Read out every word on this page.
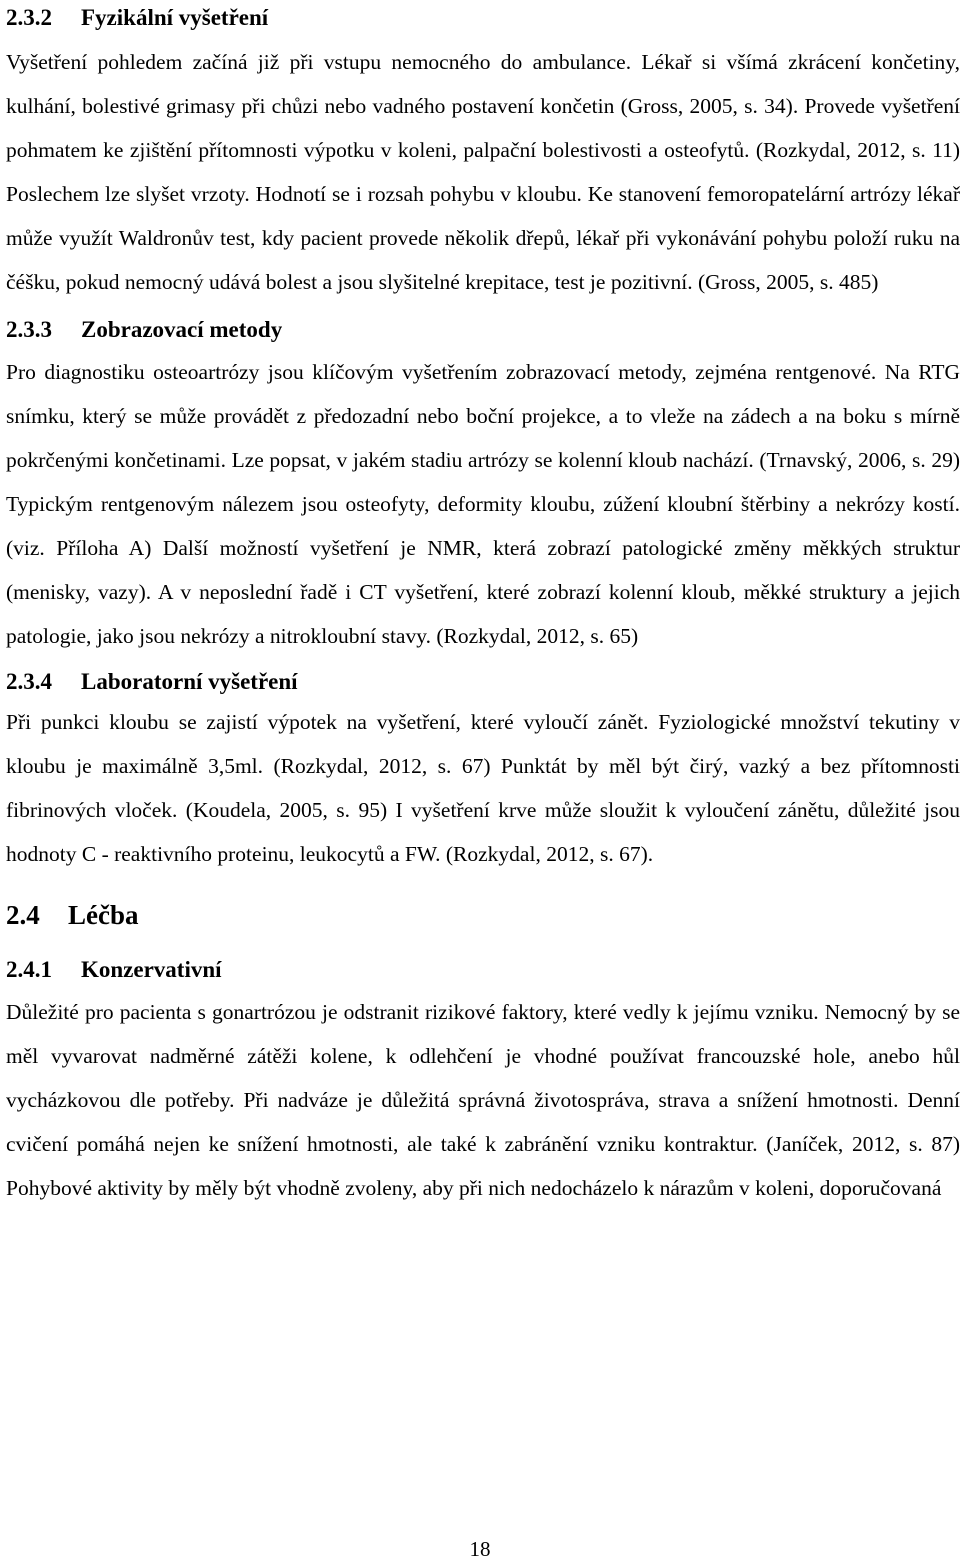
2.3.2 Fyzikální vyšetření

Vyšetření pohledem začíná již při vstupu nemocného do ambulance. Lékař si všímá zkrácení končetiny, kulhání, bolestivé grimasy při chůzi nebo vadného postavení končetin (Gross, 2005, s. 34). Provede vyšetření pohmatem ke zjištění přítomnosti výpotku v koleni, palpační bolestivosti a osteofytů. (Rozkydal, 2012, s. 11) Poslechem lze slyšet vrzoty. Hodnotí se i rozsah pohybu v kloubu. Ke stanovení femoropatelární artrózy lékař může využít Waldronův test, kdy pacient provede několik dřepů, lékař při vykonávání pohybu položí ruku na čéšku, pokud nemocný udává bolest a jsou slyšitelné krepitace, test je pozitivní. (Gross, 2005, s. 485)

2.3.3 Zobrazovací metody

Pro diagnostiku osteoartrózy jsou klíčovým vyšetřením zobrazovací metody, zejména rentgenové. Na RTG snímku, který se může provádět z předozadní nebo boční projekce, a to vleže na zádech a na boku s mírně pokrčenými končetinami. Lze popsat, v jakém stadiu artrózy se kolenní kloub nachází. (Trnavský, 2006, s. 29) Typickým rentgenovým nálezem jsou osteofyty, deformity kloubu, zúžení kloubní štěrbiny a nekrózy kostí. (viz. Příloha A) Další možností vyšetření je NMR, která zobrazí patologické změny měkkých struktur (menisky, vazy). A v neposlední řadě i CT vyšetření, které zobrazí kolenní kloub, měkké struktury a jejich patologie, jako jsou nekrózy a nitrokloubní stavy. (Rozkydal, 2012, s. 65)

2.3.4 Laboratorní vyšetření

Při punkci kloubu se zajistí výpotek na vyšetření, které vyloučí zánět. Fyziologické množství tekutiny v kloubu je maximálně 3,5ml. (Rozkydal, 2012, s. 67) Punktát by měl být čirý, vazký a bez přítomnosti fibrinových vloček. (Koudela, 2005, s. 95) I vyšetření krve může sloužit k vyloučení zánětu, důležité jsou hodnoty C - reaktivního proteinu, leukocytů a FW. (Rozkydal, 2012, s. 67).

2.4 Léčba
2.4.1 Konzervativní

Důležité pro pacienta s gonartrózou je odstranit rizikové faktory, které vedly k jejímu vzniku. Nemocný by se měl vyvarovat nadměrné zátěži kolene, k odlehčení je vhodné používat francouzské hole, anebo hůl vycházkovou dle potřeby. Při nadváze je důležitá správná životospráva, strava a snížení hmotnosti. Denní cvičení pomáhá nejen ke snížení hmotnosti, ale také k zabránění vzniku kontraktur. (Janíček, 2012, s. 87) Pohybové aktivity by měly být vhodně zvoleny, aby při nich nedocházelo k nárazům v koleni, doporučovaná

18
